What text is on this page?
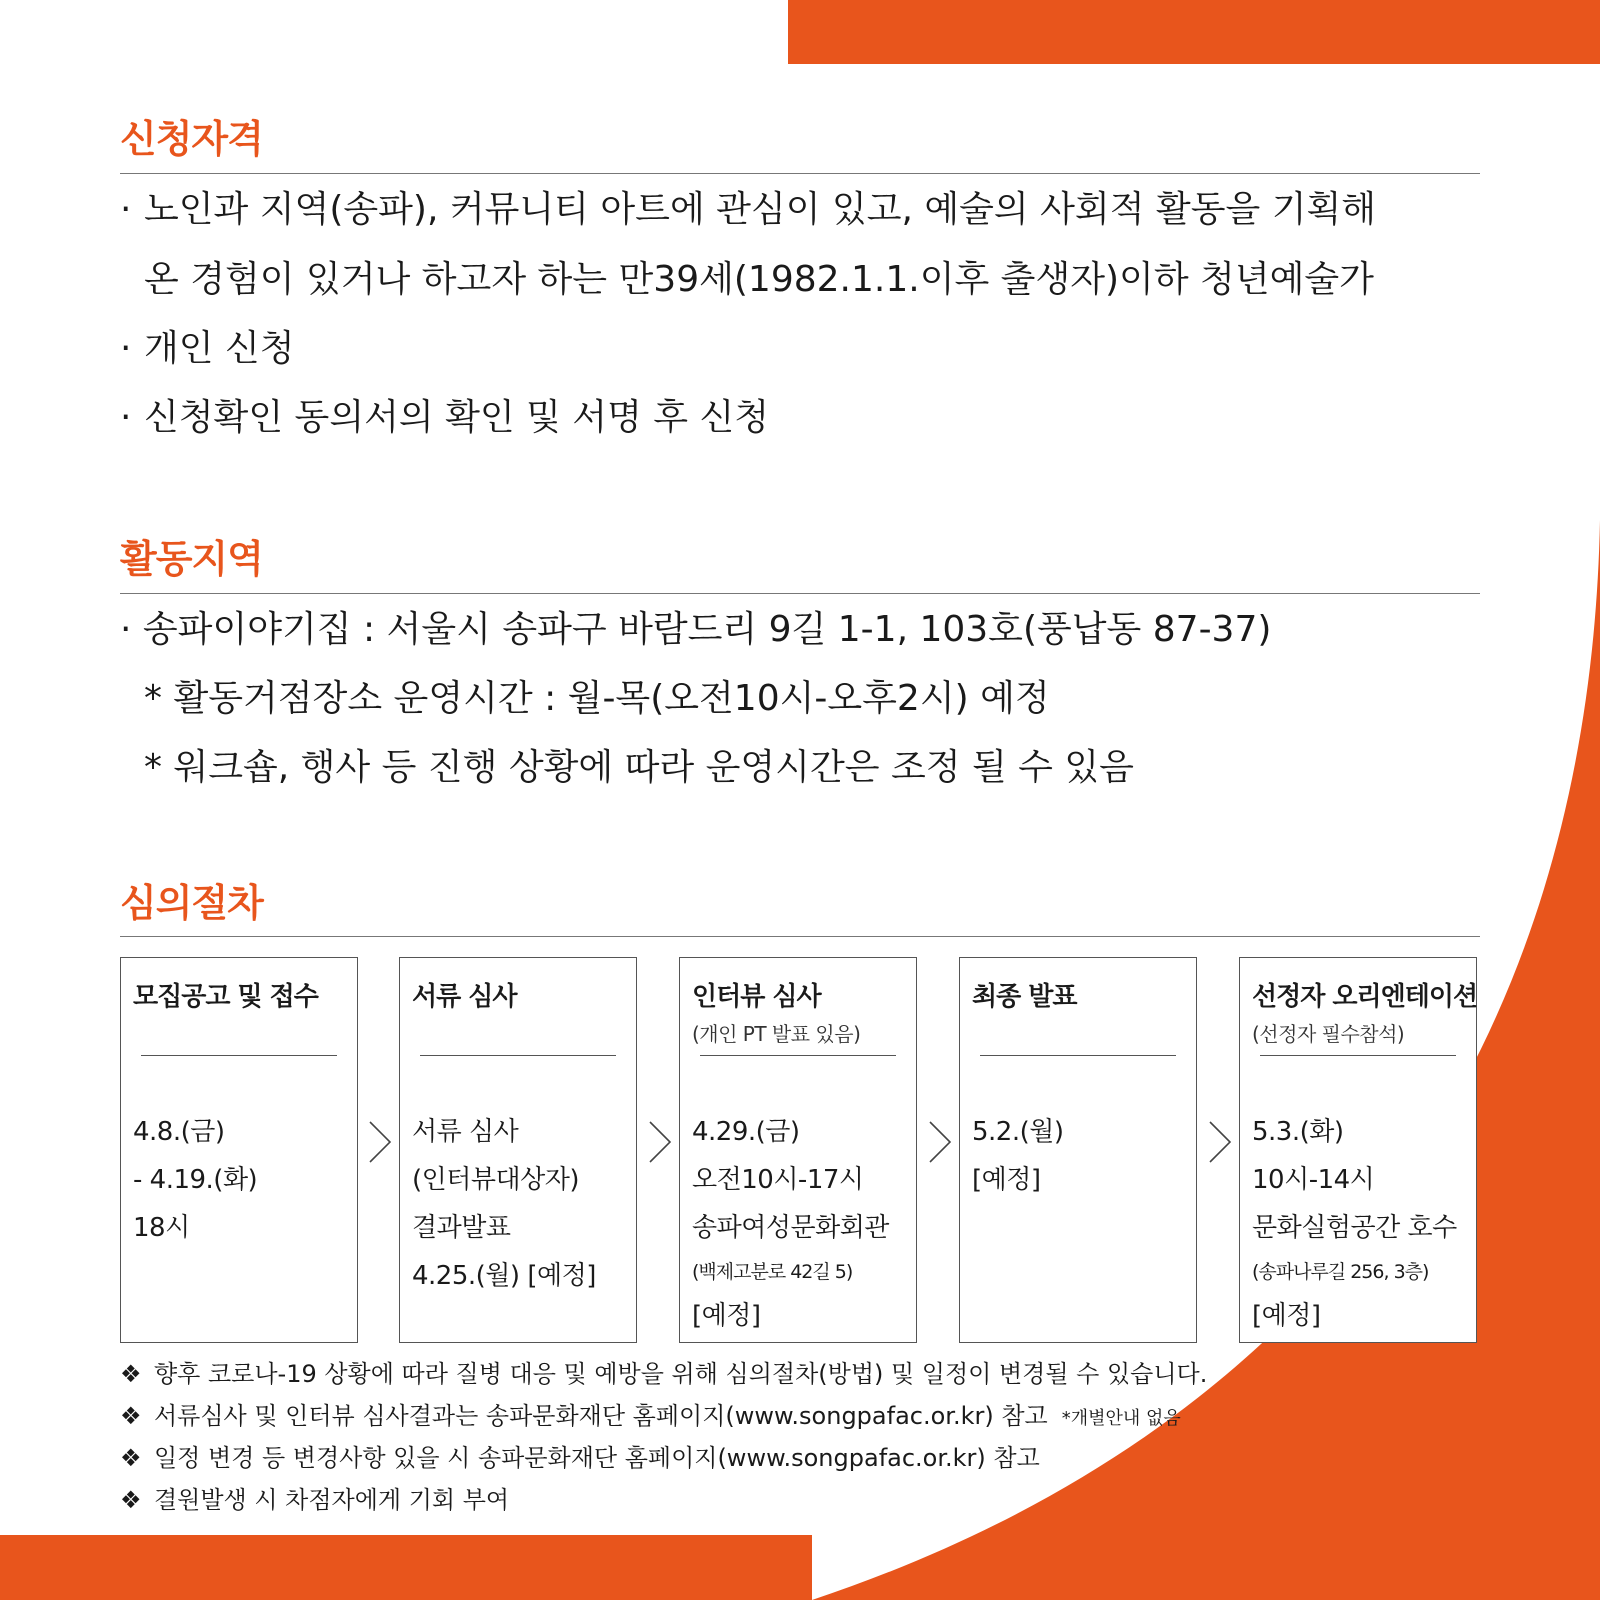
신청자격
· 노인과 지역(송파), 커뮤니티 아트에 관심이 있고, 예술의 사회적 활동을 기획해
온 경험이 있거나 하고자 하는 만39세(1982.1.1.이후 출생자)이하 청년예술가
· 개인 신청
· 신청확인 동의서의 확인 및 서명 후 신청
활동지역
· 송파이야기집 : 서울시 송파구 바람드리 9길 1-1, 103호(풍납동 87-37)
* 활동거점장소 운영시간 : 월-목(오전10시-오후2시) 예정
* 워크숍, 행사 등 진행 상황에 따라 운영시간은 조정 될 수 있음
심의절차
모집공고 및 접수
4.8.(금)
- 4.19.(화)
18시
서류 심사
서류 심사
(인터뷰대상자)
결과발표
4.25.(월) [예정]
인터뷰 심사
(개인 PT 발표 있음)
4.29.(금)
오전10시-17시
송파여성문화회관
(백제고분로 42길 5)
[예정]
최종 발표
5.2.(월)
[예정]
선정자 오리엔테이션
(선정자 필수참석)
5.3.(화)
10시-14시
문화실험공간 호수
(송파나루길 256, 3층)
[예정]
❖ 향후 코로나-19 상황에 따라 질병 대응 및 예방을 위해 심의절차(방법) 및 일정이 변경될 수 있습니다.
❖ 서류심사 및 인터뷰 심사결과는 송파문화재단 홈페이지(www.songpafac.or.kr) 참고 *개별안내 없음
❖ 일정 변경 등 변경사항 있을 시 송파문화재단 홈페이지(www.songpafac.or.kr) 참고
❖ 결원발생 시 차점자에게 기회 부여
